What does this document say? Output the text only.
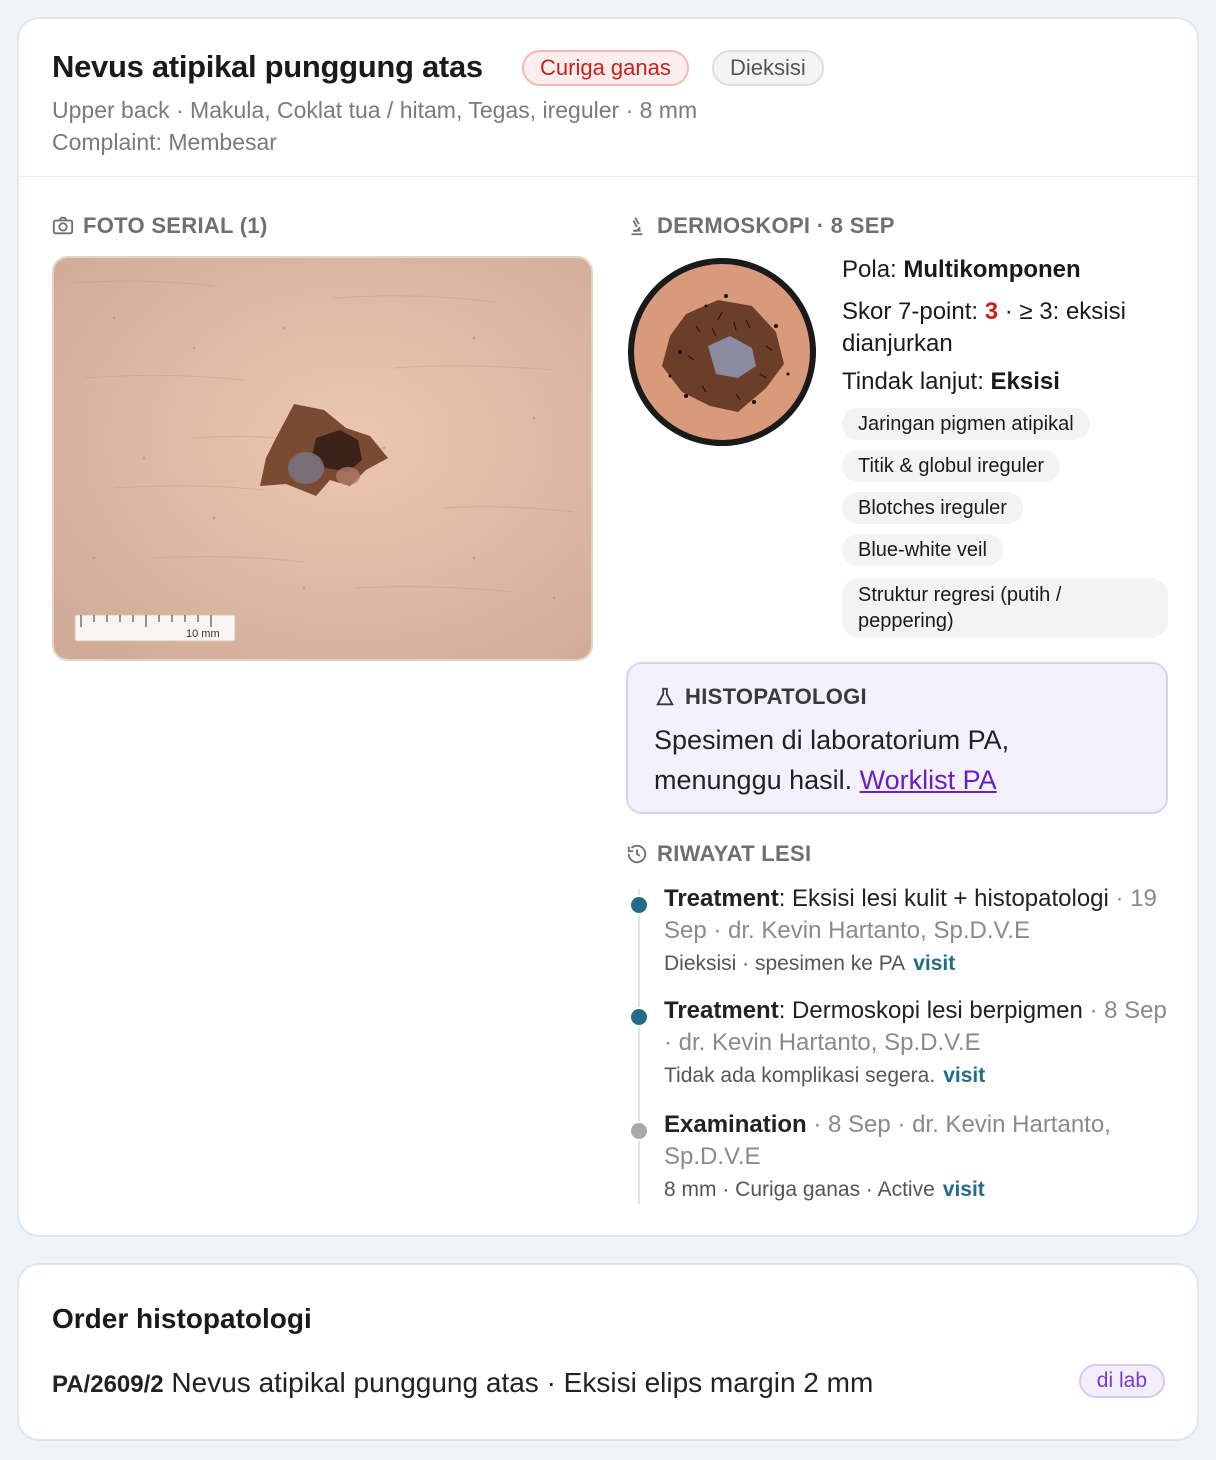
Nevus atipikal punggung atas	Curiga ganas	Dieksisi
Upper back · Makula, Coklat tua / hitam, Tegas, ireguler · 8 mm
Complaint: Membesar
FOTO SERIAL (1)
10 mm
DERMOSKOPI · 8 SEP
Pola: Multikomponen
Skor 7-point: 3 · ≥ 3: eksisi dianjurkan
Tindak lanjut: Eksisi
Jaringan pigmen atipikal
Titik & globul ireguler
Blotches ireguler
Blue-white veil
Struktur regresi (putih / peppering)
HISTOPATOLOGI
Spesimen di laboratorium PA, menunggu hasil. Worklist PA
RIWAYAT LESI
Treatment: Eksisi lesi kulit + histopatologi · 19 Sep · dr. Kevin Hartanto, Sp.D.V.E
Dieksisi · spesimen ke PA visit
Treatment: Dermoskopi lesi berpigmen · 8 Sep · dr. Kevin Hartanto, Sp.D.V.E
Tidak ada komplikasi segera. visit
Examination · 8 Sep · dr. Kevin Hartanto, Sp.D.V.E
8 mm · Curiga ganas · Active visit
Order histopatologi
PA/2609/2 Nevus atipikal punggung atas · Eksisi elips margin 2 mm	di lab
